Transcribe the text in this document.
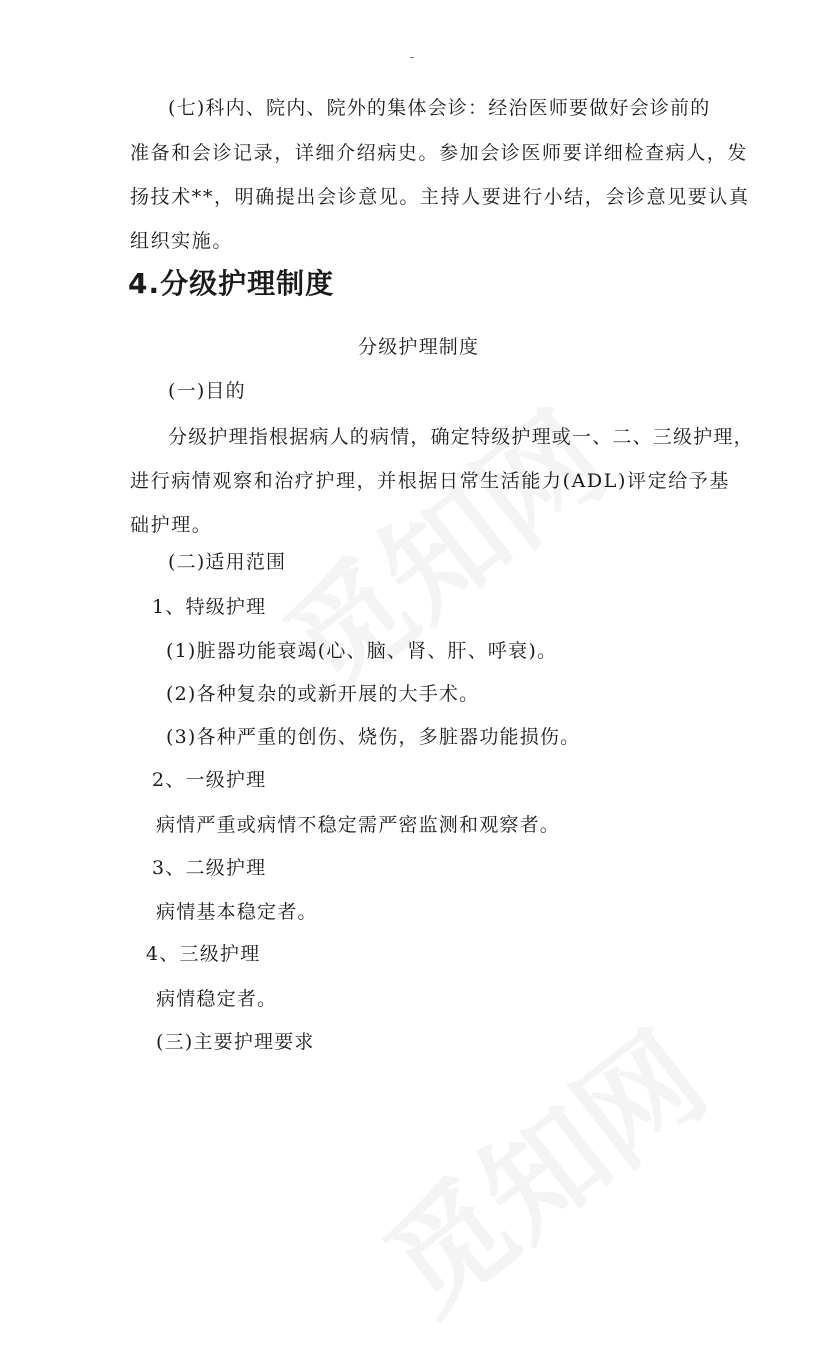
-
(七)科内、院内、院外的集体会诊：经治医师要做好会诊前的
准备和会诊记录，详细介绍病史。参加会诊医师要详细检查病人，发
扬技术**，明确提出会诊意见。主持人要进行小结，会诊意见要认真
组织实施。
4.分级护理制度
分级护理制度
(一)目的
分级护理指根据病人的病情，确定特级护理或一、二、三级护理，
进行病情观察和治疗护理，并根据日常生活能力(ADL)评定给予基
础护理。
(二)适用范围
1、特级护理
(1)脏器功能衰竭(心、脑、肾、肝、呼衰)。
(2)各种复杂的或新开展的大手术。
(3)各种严重的创伤、烧伤，多脏器功能损伤。
2、一级护理
病情严重或病情不稳定需严密监测和观察者。
3、二级护理
病情基本稳定者。
4、三级护理
病情稳定者。
(三)主要护理要求
